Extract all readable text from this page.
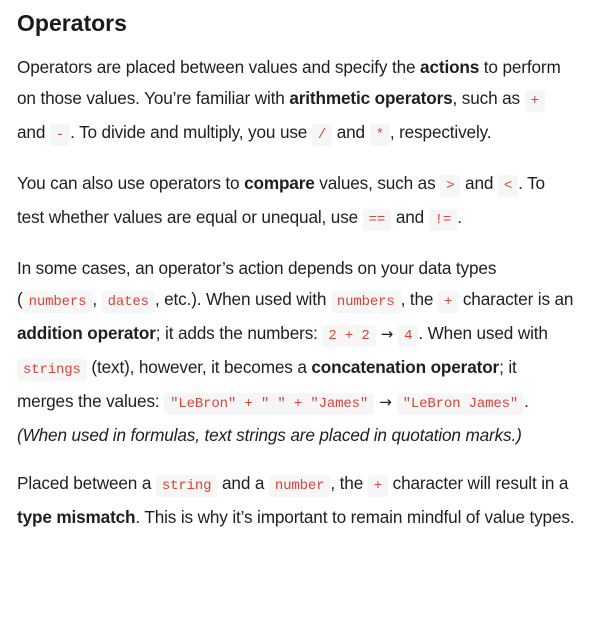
Operators

Operators are placed between values and specify the actions to perform on those values. You’re familiar with arithmetic operators, such as + and - . To divide and multiply, you use / and * , respectively.

You can also use operators to compare values, such as > and < . To test whether values are equal or unequal, use == and != .

In some cases, an operator’s action depends on your data types ( numbers , dates , etc.). When used with numbers , the + character is an addition operator; it adds the numbers: 2 + 2 → 4 . When used with strings (text), however, it becomes a concatenation operator; it merges the values: "LeBron" + " " + "James" → "LeBron James" . (When used in formulas, text strings are placed in quotation marks.)

Placed between a string and a number , the + character will result in a type mismatch. This is why it’s important to remain mindful of value types.
